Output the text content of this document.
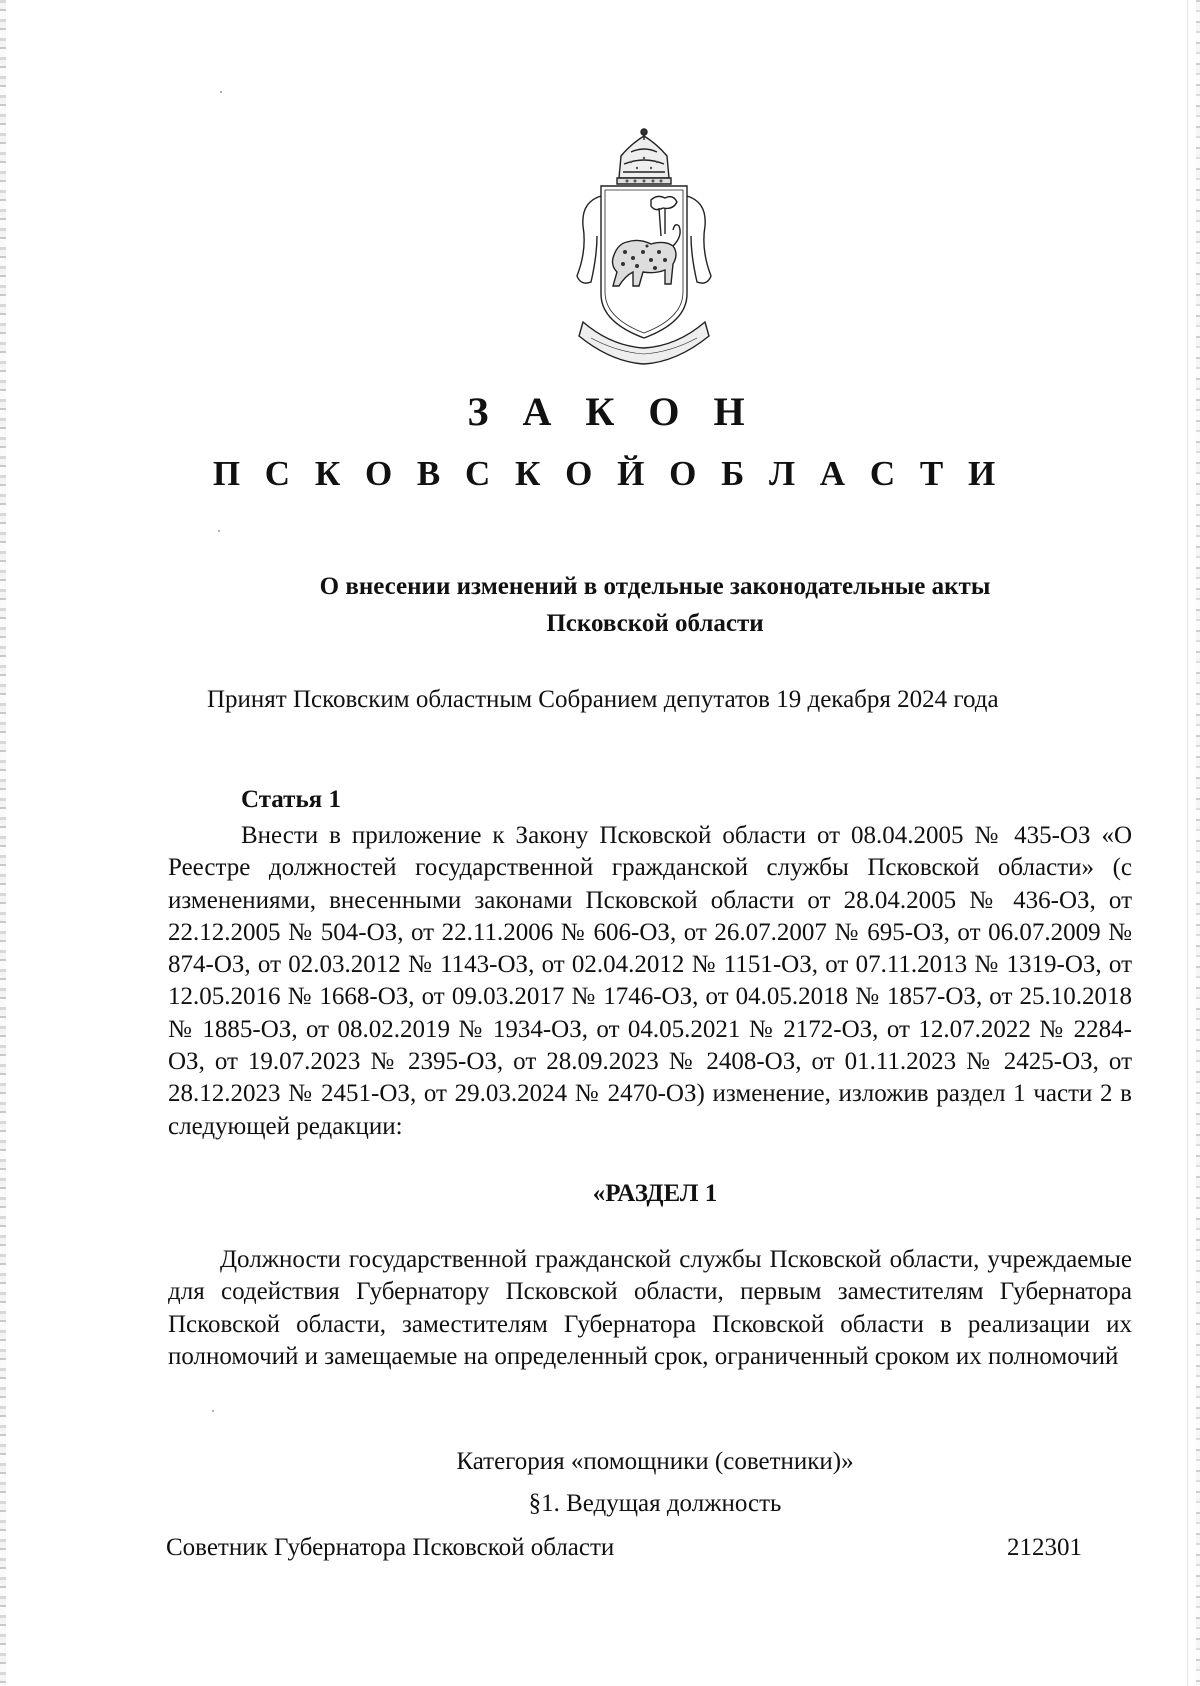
З А К О Н
П С К О В С К О Й О Б Л А С Т И
О внесении изменений в отдельные законодательные акты
Псковской области
Принят Псковским областным Собранием депутатов 19 декабря 2024 года
Статья 1
Внести в приложение к Закону Псковской области от 08.04.2005 № 435-ОЗ «О Реестре должностей государственной гражданской службы Псковской области» (с изменениями, внесенными законами Псковской области от 28.04.2005 № 436-ОЗ, от 22.12.2005 № 504-ОЗ, от 22.11.2006 № 606-ОЗ, от 26.07.2007 № 695-ОЗ, от 06.07.2009 № 874-ОЗ, от 02.03.2012 № 1143-ОЗ, от 02.04.2012 № 1151-ОЗ, от 07.11.2013 № 1319-ОЗ, от 12.05.2016 № 1668-ОЗ, от 09.03.2017 № 1746-ОЗ, от 04.05.2018 № 1857-ОЗ, от 25.10.2018 № 1885-ОЗ, от 08.02.2019 № 1934-ОЗ, от 04.05.2021 № 2172-ОЗ, от 12.07.2022 № 2284-ОЗ, от 19.07.2023 № 2395-ОЗ, от 28.09.2023 № 2408-ОЗ, от 01.11.2023 № 2425-ОЗ, от 28.12.2023 № 2451-ОЗ, от 29.03.2024 № 2470-ОЗ) изменение, изложив раздел 1 части 2 в следующей редакции:
«РАЗДЕЛ 1
Должности государственной гражданской службы Псковской области, учреждаемые для содействия Губернатору Псковской области, первым заместителям Губернатора Псковской области, заместителям Губернатора Псковской области в реализации их полномочий и замещаемые на определенный срок, ограниченный сроком их полномочий
Категория «помощники (советники)»
§1. Ведущая должность
Советник Губернатора Псковской области	212301
